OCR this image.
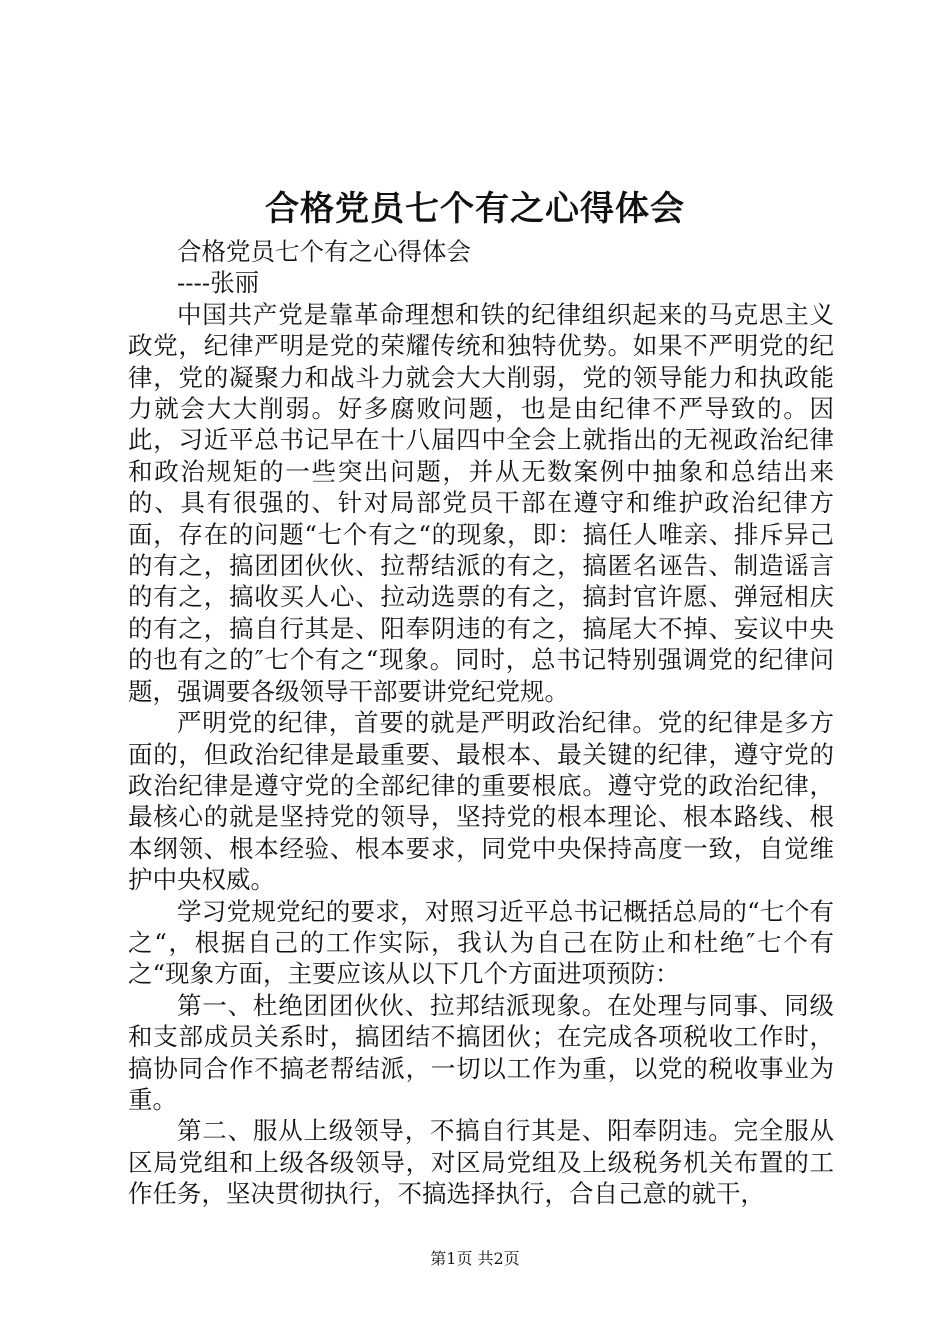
合格党员七个有之心得体会

合格党员七个有之心得体会

----张丽

中国共产党是靠革命理想和铁的纪律组织起来的马克思主义政党，纪律严明是党的荣耀传统和独特优势。如果不严明党的纪律，党的凝聚力和战斗力就会大大削弱，党的领导能力和执政能力就会大大削弱。好多腐败问题，也是由纪律不严导致的。因此，习近平总书记早在十八届四中全会上就指出的无视政治纪律和政治规矩的一些突出问题，并从无数案例中抽象和总结出来的、具有很强的、针对局部党员干部在遵守和维护政治纪律方面，存在的问题“七个有之“的现象，即：搞任人唯亲、排斥异己的有之，搞团团伙伙、拉帮结派的有之，搞匿名诬告、制造谣言的有之，搞收买人心、拉动选票的有之，搞封官许愿、弹冠相庆的有之，搞自行其是、阳奉阴违的有之，搞尾大不掉、妄议中央的也有之的″七个有之“现象。同时，总书记特别强调党的纪律问题，强调要各级领导干部要讲党纪党规。

严明党的纪律，首要的就是严明政治纪律。党的纪律是多方面的，但政治纪律是最重要、最根本、最关键的纪律，遵守党的政治纪律是遵守党的全部纪律的重要根底。遵守党的政治纪律，最核心的就是坚持党的领导，坚持党的根本理论、根本路线、根本纲领、根本经验、根本要求，同党中央保持高度一致，自觉维护中央权威。

学习党规党纪的要求，对照习近平总书记概括总局的“七个有之“，根据自己的工作实际，我认为自己在防止和杜绝″七个有之“现象方面，主要应该从以下几个方面进项预防：

第一、杜绝团团伙伙、拉邦结派现象。在处理与同事、同级和支部成员关系时，搞团结不搞团伙；在完成各项税收工作时，搞协同合作不搞老帮结派，一切以工作为重，以党的税收事业为重。

第二、服从上级领导，不搞自行其是、阳奉阴违。完全服从区局党组和上级各级领导，对区局党组及上级税务机关布置的工作任务，坚决贯彻执行，不搞选择执行，合自己意的就干，

第1页 共2页
